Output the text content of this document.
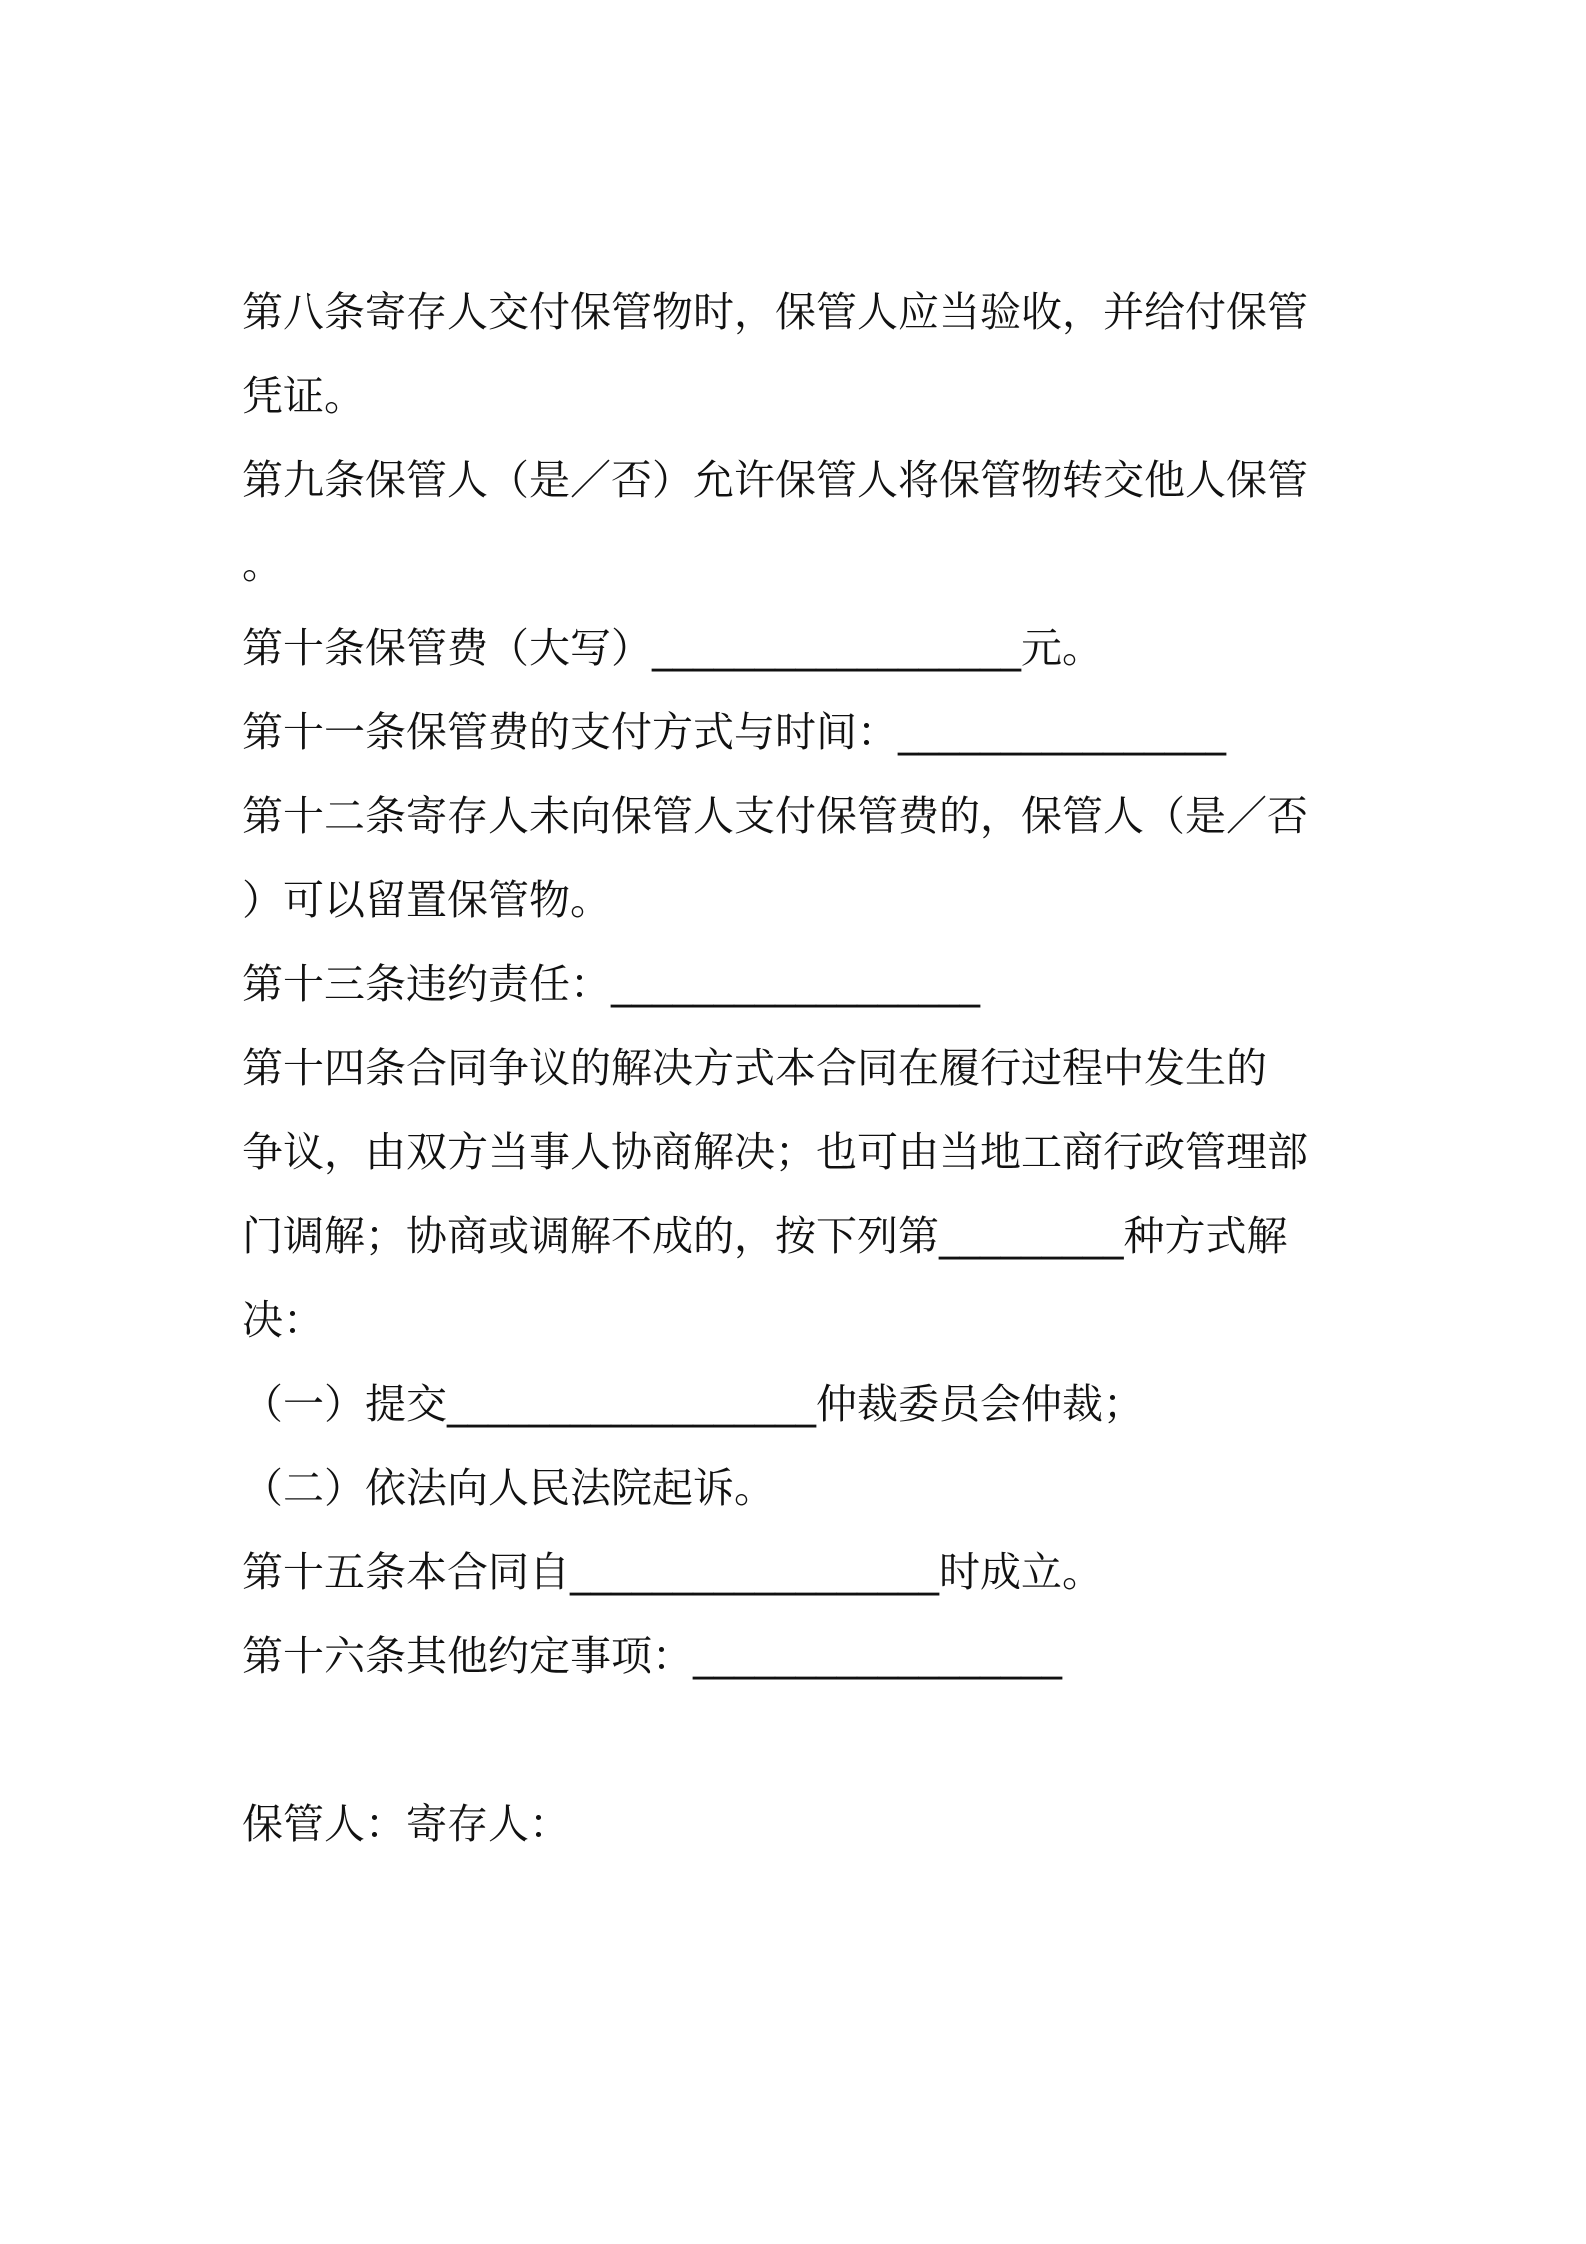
第八条寄存人交付保管物时，保管人应当验收，并给付保管

凭证。

第九条保管人（是／否）允许保管人将保管物转交他人保管

。

第十条保管费（大写）__________________元。

第十一条保管费的支付方式与时间：________________

第十二条寄存人未向保管人支付保管费的，保管人（是／否

）可以留置保管物。

第十三条违约责任：__________________

第十四条合同争议的解决方式本合同在履行过程中发生的

争议，由双方当事人协商解决；也可由当地工商行政管理部

门调解；协商或调解不成的，按下列第_________种方式解

决：

（一）提交__________________仲裁委员会仲裁；

（二）依法向人民法院起诉。

第十五条本合同自__________________时成立。

第十六条其他约定事项：__________________

保管人：寄存人：
